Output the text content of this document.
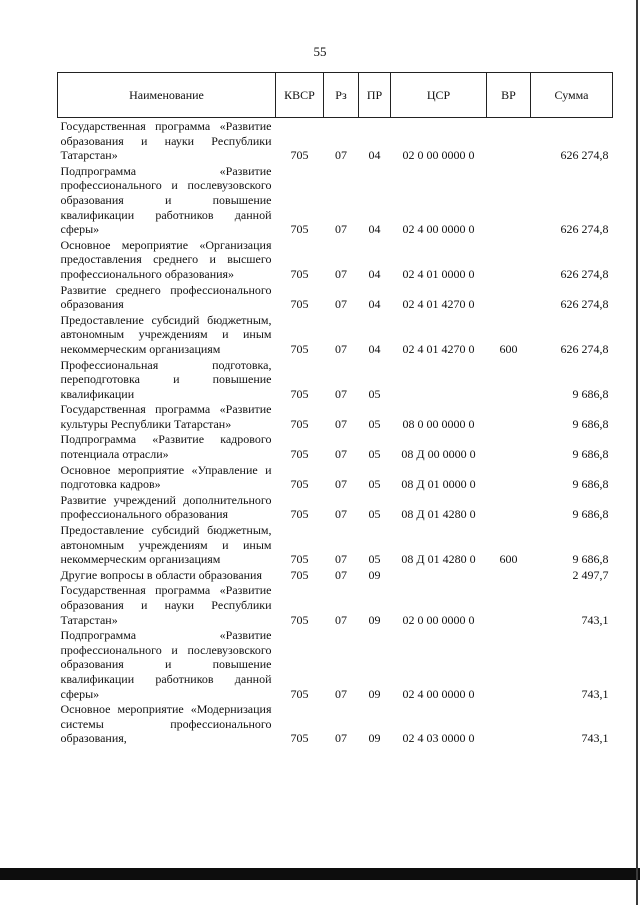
55
Наименование	КВСР	Рз	ПР	ЦСР	ВР	Сумма
Государственная программа «Развитие образования и науки Республики Татарстан»	705	07	04	02 0 00 0000 0		626 274,8
Подпрограмма «Развитие профессионального и послевузовского образования и повышение квалификации работников данной сферы»	705	07	04	02 4 00 0000 0		626 274,8
Основное мероприятие «Организация предоставления среднего и высшего профессионального образования»	705	07	04	02 4 01 0000 0		626 274,8
Развитие среднего профессионального образования	705	07	04	02 4 01 4270 0		626 274,8
Предоставление субсидий бюджетным, автономным учреждениям и иным некоммерческим организациям	705	07	04	02 4 01 4270 0	600	626 274,8
Профессиональная подготовка, переподготовка и повышение квалификации	705	07	05			9 686,8
Государственная программа «Развитие культуры Республики Татарстан»	705	07	05	08 0 00 0000 0		9 686,8
Подпрограмма «Развитие кадрового потенциала отрасли»	705	07	05	08 Д 00 0000 0		9 686,8
Основное мероприятие «Управление и подготовка кадров»	705	07	05	08 Д 01 0000 0		9 686,8
Развитие учреждений дополнительного профессионального образования	705	07	05	08 Д 01 4280 0		9 686,8
Предоставление субсидий бюджетным, автономным учреждениям и иным некоммерческим организациям	705	07	05	08 Д 01 4280 0	600	9 686,8
Другие вопросы в области образования	705	07	09			2 497,7
Государственная программа «Развитие образования и науки Республики Татарстан»	705	07	09	02 0 00 0000 0		743,1
Подпрограмма «Развитие профессионального и послевузовского образования и повышение квалификации работников данной сферы»	705	07	09	02 4 00 0000 0		743,1
Основное мероприятие «Модернизация системы профессионального образования,	705	07	09	02 4 03 0000 0		743,1
